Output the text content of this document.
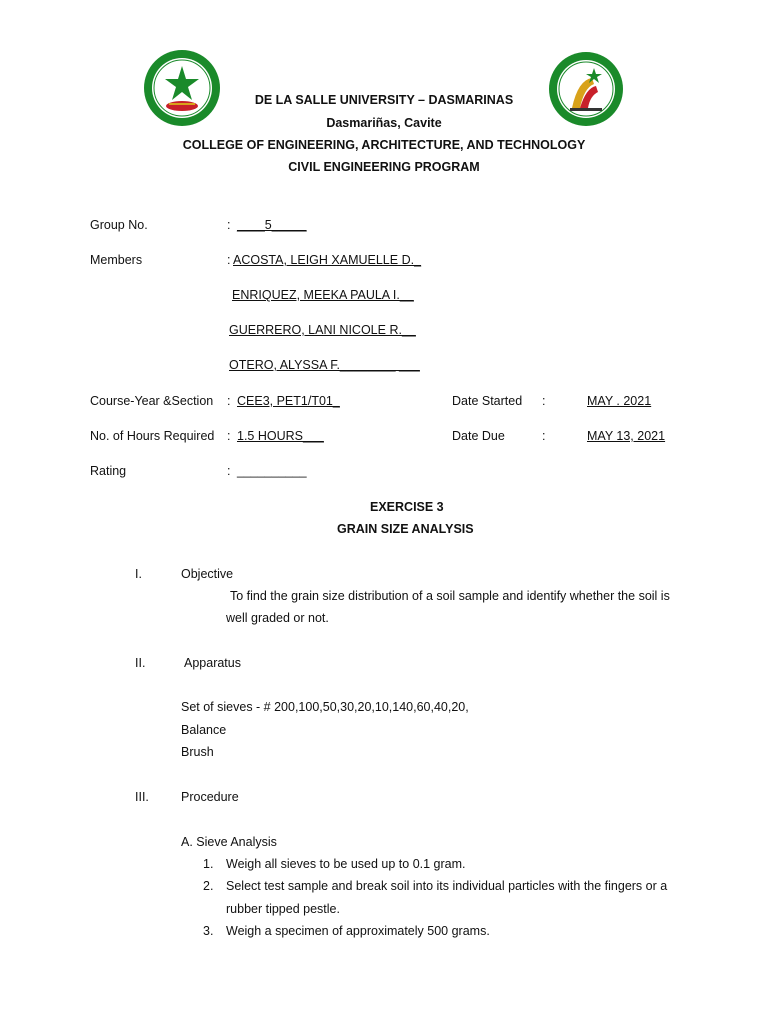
DE LA SALLE UNIVERSITY – DASMARINAS
Dasmariñas, Cavite
COLLEGE OF ENGINEERING, ARCHITECTURE, AND TECHNOLOGY
CIVIL ENGINEERING PROGRAM
Group No.	: ____5_____
Members	: ACOSTA, LEIGH XAMUELLE D._
ENRIQUEZ, MEEKA PAULA I.__
GUERRERO, LANI NICOLE R.__
OTERO, ALYSSA F.________ ___
Course-Year &Section : CEE3, PET1/T01_	Date Started :	MAY . 2021
No. of Hours Required : 1.5 HOURS___	Date Due	:	MAY 13, 2021
Rating	: __________
EXERCISE 3
GRAIN SIZE ANALYSIS
I.	Objective
To find the grain size distribution of a soil sample and identify whether the soil is
well graded or not.
II.	Apparatus
Set of sieves - # 200,100,50,30,20,10,140,60,40,20,
Balance
Brush
III.	Procedure
A. Sieve Analysis
1. Weigh all sieves to be used up to 0.1 gram.
2. Select test sample and break soil into its individual particles with the fingers or a
rubber tipped pestle.
3. Weigh a specimen of approximately 500 grams.
